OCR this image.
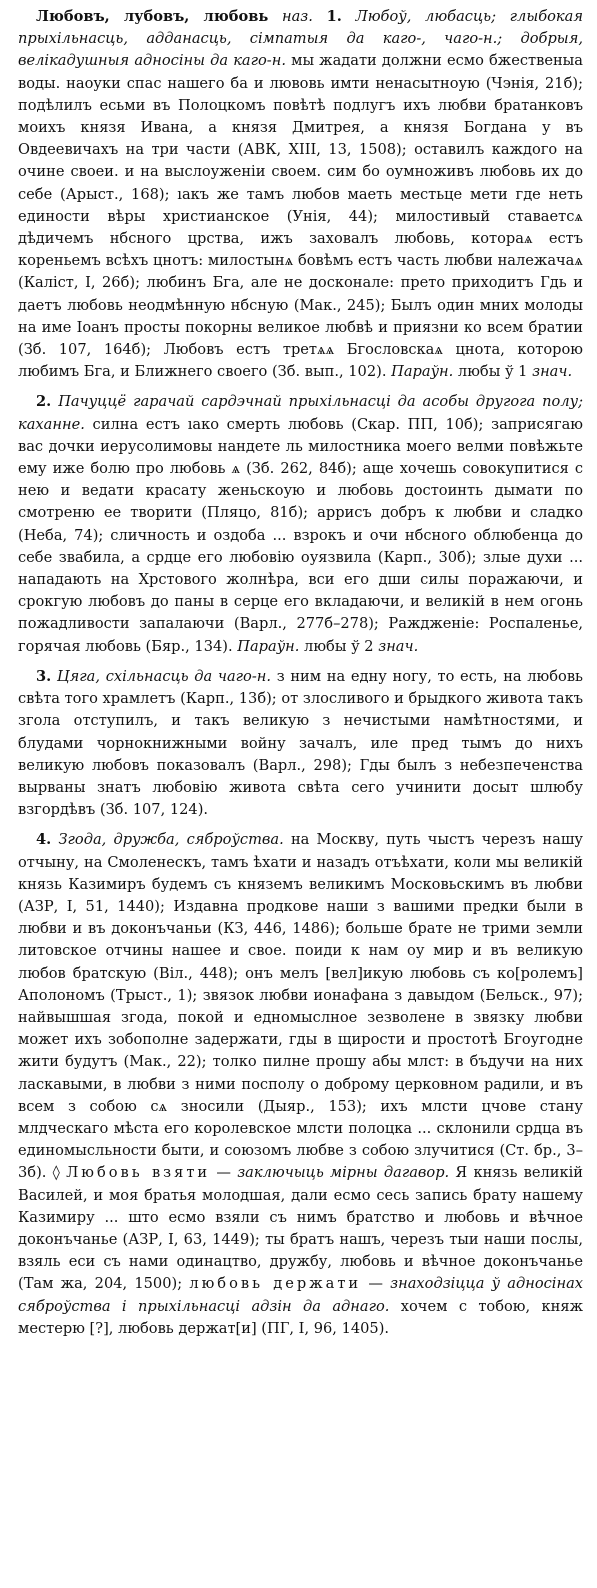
Любовъ, лубовъ, любовь наз. 1. Любоў, любасць; глыбокая прыхільнасць, адданасць, сімпатыя да каго-, чаго-н.; добрыя, велікадушныя адносіны да каго-н. мы жадати должни есмо бжественыа воды. наоуки спас нашего ба и лювовь имти ненасытноую (Чэнія, 21б); подѣлилъ есьми въ Полоцкомъ повѣтѣ подлугъ ихъ любви братанковъ моихъ князя Ивана, а князя Дмитрея, а князя Богдана у въ Овдеевичахъ на три части (АВК, XIII, 13, 1508); оставилъ каждого на очине своеи. и на выслоуженіи своем. сим бо оумноживъ любовь их до себе (Арыст., 168); ıакъ же тамъ любов маеть местьце мети где неть единости вѣры христианское (Унія, 44); милостивый ставаетсѧ дѣдичемъ нбсного црства, ижъ заховалъ любовь, котораѧ естъ кореньемъ всѣхъ цнотъ: милостынѧ бовѣмъ естъ часть любви належачаѧ (Каліст, I, 26б); любинъ Бга, але не досконале: прето приходитъ Гдь и даетъ любовь неодмѣнную нбсную (Мак., 245); Былъ один мних молоды на име Іоанъ просты покорны великое любвѣ и приязни ко всем братии (Зб. 107, 164б); Любовъ естъ третѧѧ Бгословскаѧ цнота, которою любимъ Бга, и Ближнего своего (Зб. вып., 102). Параўн. любы ў 1 знач.

2. Пачуццё гарачай сардэчнай прыхільнасці да асобы другога полу; каханне. силна естъ ıако смерть любовь (Скар. ПП, 10б); заприсягаю вас дочки иерусолимовы нандете ль милостника моего велми повѣжьте ему иже болю про любовь ѧ (Зб. 262, 84б); аще хочешь совокупитися с нею и ведати красату женьскоую и любовь достоинть дымати по смотреню ее творити (Пляцо, 81б); аррисъ добръ к любви и сладко (Неба, 74); сличность и оздоба ... взрокъ и очи нбсного облюбенца до себе звабила, а срдце его любовію оуязвила (Карп., 30б); злые духи ... нападають на Хрстового жолнѣра, вси его дши силы поражаючи, и срокгую любовъ до паны в серце его вкладаючи, и великій в нем огонь пожадливости запалаючи (Варл., 277б–278); Раждженіе: Роспаленье, горячая любовь (Бяр., 134). Параўн. любы ў 2 знач.

3. Цяга, схільнасць да чаго-н. з ним на едну ногу, то есть, на любовь свѣта того храмлетъ (Карп., 13б); от злосливого и брыдкого живота такъ згола отступилъ, и такъ великую з нечистыми намѣтностями, и блудами чорнокнижными войну зачалъ, иле пред тымъ до нихъ великую любовъ показовалъ (Варл., 298); Гды былъ з небезпеченства вырваны знатъ любовію живота свѣта сего учинити досыт шлюбу взгордѣвъ (Зб. 107, 124).

4. Згода, дружба, сяброўства. на Москву, путь чыстъ черезъ нашу отчыну, на Смоленескъ, тамъ ѣхати и назадъ отъѣхати, коли мы великій князь Казимиръ будемъ съ княземъ великимъ Московьскимъ въ любви (АЗР, I, 51, 1440); Издавна продкове наши з вашими предки были в любви и въ доконъчаньи (КЗ, 446, 1486); больше брате не трими земли литовское отчины нашее и свое. поиди к нам оу мир и въ великую любов братскую (Віл., 448); онъ мелъ [вел]икую любовь съ ко[ролемъ] Аполономъ (Трыст., 1); звязок любви ионафана з давыдом (Бельск., 97); найвышшая згода, покой и едномыслное зезволене в звязку любви может ихъ зобополне задержати, гды в щирости и простотѣ Бгоугодне жити будутъ (Мак., 22); толко пилне прошу абы млст: в бъдучи на них ласкавыми, в любви з ними посполу о доброму церковном радили, и въ всем з собою сѧ зносили (Дыяр., 153); ихъ млсти цчове стану млдческаго мѣста его королевское млсти полоцка ... склонили срдца въ единомысльности быти, и союзомъ любве з собою злучитися (Ст. бр., 3–3б). ◊ Любовь взяти — заключыць мірны дагавор. Я князь великій Василей, и моя братья молодшая, дали есмо сесь запись брату нашему Казимиру ... што есмо взяли съ нимъ братство и любовь и вѣчное доконъчанье (АЗР, I, 63, 1449); ты братъ нашъ, черезъ тыи наши послы, взяль еси съ нами одинацтво, дружбу, любовь и вѣчное доконъчанье (Там жа, 204, 1500); любовь держати — знаходзіцца ў адносінах сяброўства і прыхільнасці адзін да аднаго. хочем с тобою, княж местерю [?], любовь держат[и] (ПГ, I, 96, 1405).
